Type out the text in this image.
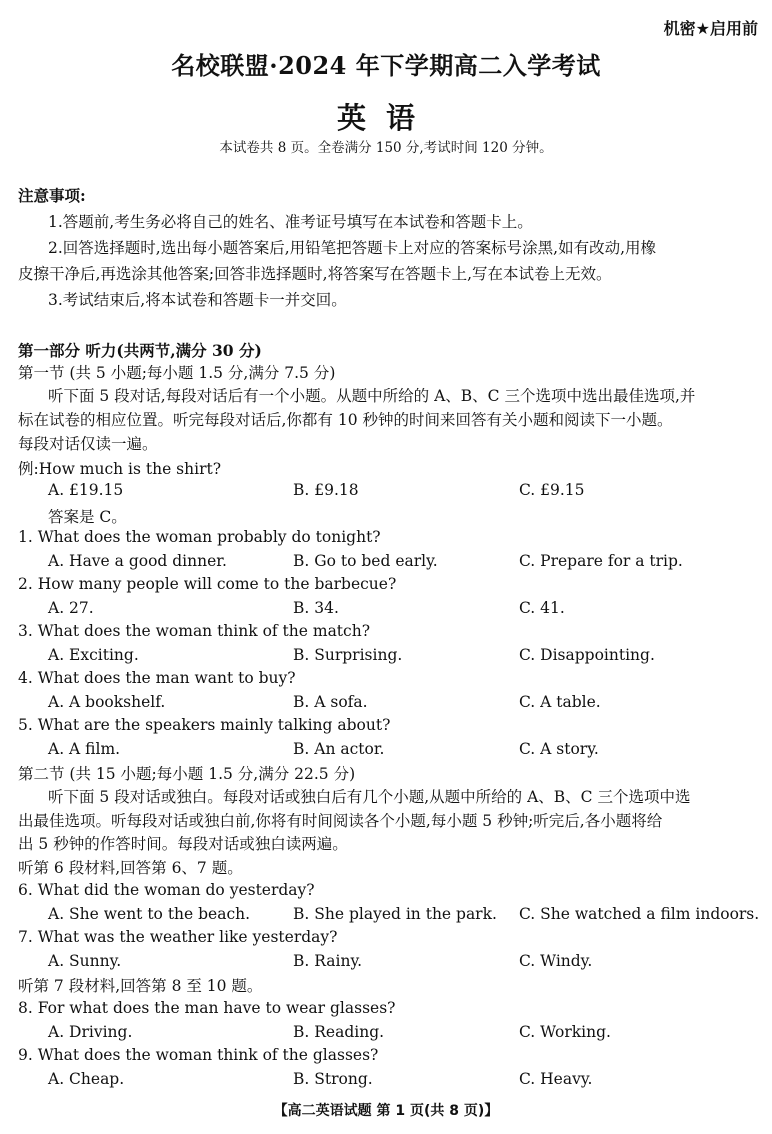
机密★启用前
名校联盟·2024 年下学期高二入学考试
英语
本试卷共 8 页。全卷满分 150 分,考试时间 120 分钟。
注意事项:
1.答题前,考生务必将自己的姓名、准考证号填写在本试卷和答题卡上。
2.回答选择题时,选出每小题答案后,用铅笔把答题卡上对应的答案标号涂黑,如有改动,用橡
皮擦干净后,再选涂其他答案;回答非选择题时,将答案写在答题卡上,写在本试卷上无效。
3.考试结束后,将本试卷和答题卡一并交回。
第一部分 听力(共两节,满分 30 分)
第一节 (共 5 小题;每小题 1.5 分,满分 7.5 分)
听下面 5 段对话,每段对话后有一个小题。从题中所给的 A、B、C 三个选项中选出最佳选项,并
标在试卷的相应位置。听完每段对话后,你都有 10 秒钟的时间来回答有关小题和阅读下一小题。
每段对话仅读一遍。
例:How much is the shirt?
A. £19.15	B. £9.18	C. £9.15
答案是 C。
1. What does the woman probably do tonight?
A. Have a good dinner.	B. Go to bed early.	C. Prepare for a trip.
2. How many people will come to the barbecue?
A. 27.	B. 34.	C. 41.
3. What does the woman think of the match?
A. Exciting.	B. Surprising.	C. Disappointing.
4. What does the man want to buy?
A. A bookshelf.	B. A sofa.	C. A table.
5. What are the speakers mainly talking about?
A. A film.	B. An actor.	C. A story.
第二节 (共 15 小题;每小题 1.5 分,满分 22.5 分)
听下面 5 段对话或独白。每段对话或独白后有几个小题,从题中所给的 A、B、C 三个选项中选
出最佳选项。听每段对话或独白前,你将有时间阅读各个小题,每小题 5 秒钟;听完后,各小题将给
出 5 秒钟的作答时间。每段对话或独白读两遍。
听第 6 段材料,回答第 6、7 题。
6. What did the woman do yesterday?
A. She went to the beach.	B. She played in the park. C. She watched a film indoors.
7. What was the weather like yesterday?
A. Sunny.	B. Rainy.	C. Windy.
听第 7 段材料,回答第 8 至 10 题。
8. For what does the man have to wear glasses?
A. Driving.	B. Reading.	C. Working.
9. What does the woman think of the glasses?
A. Cheap.	B. Strong.	C. Heavy.
【高二英语试题 第 1 页(共 8 页)】
